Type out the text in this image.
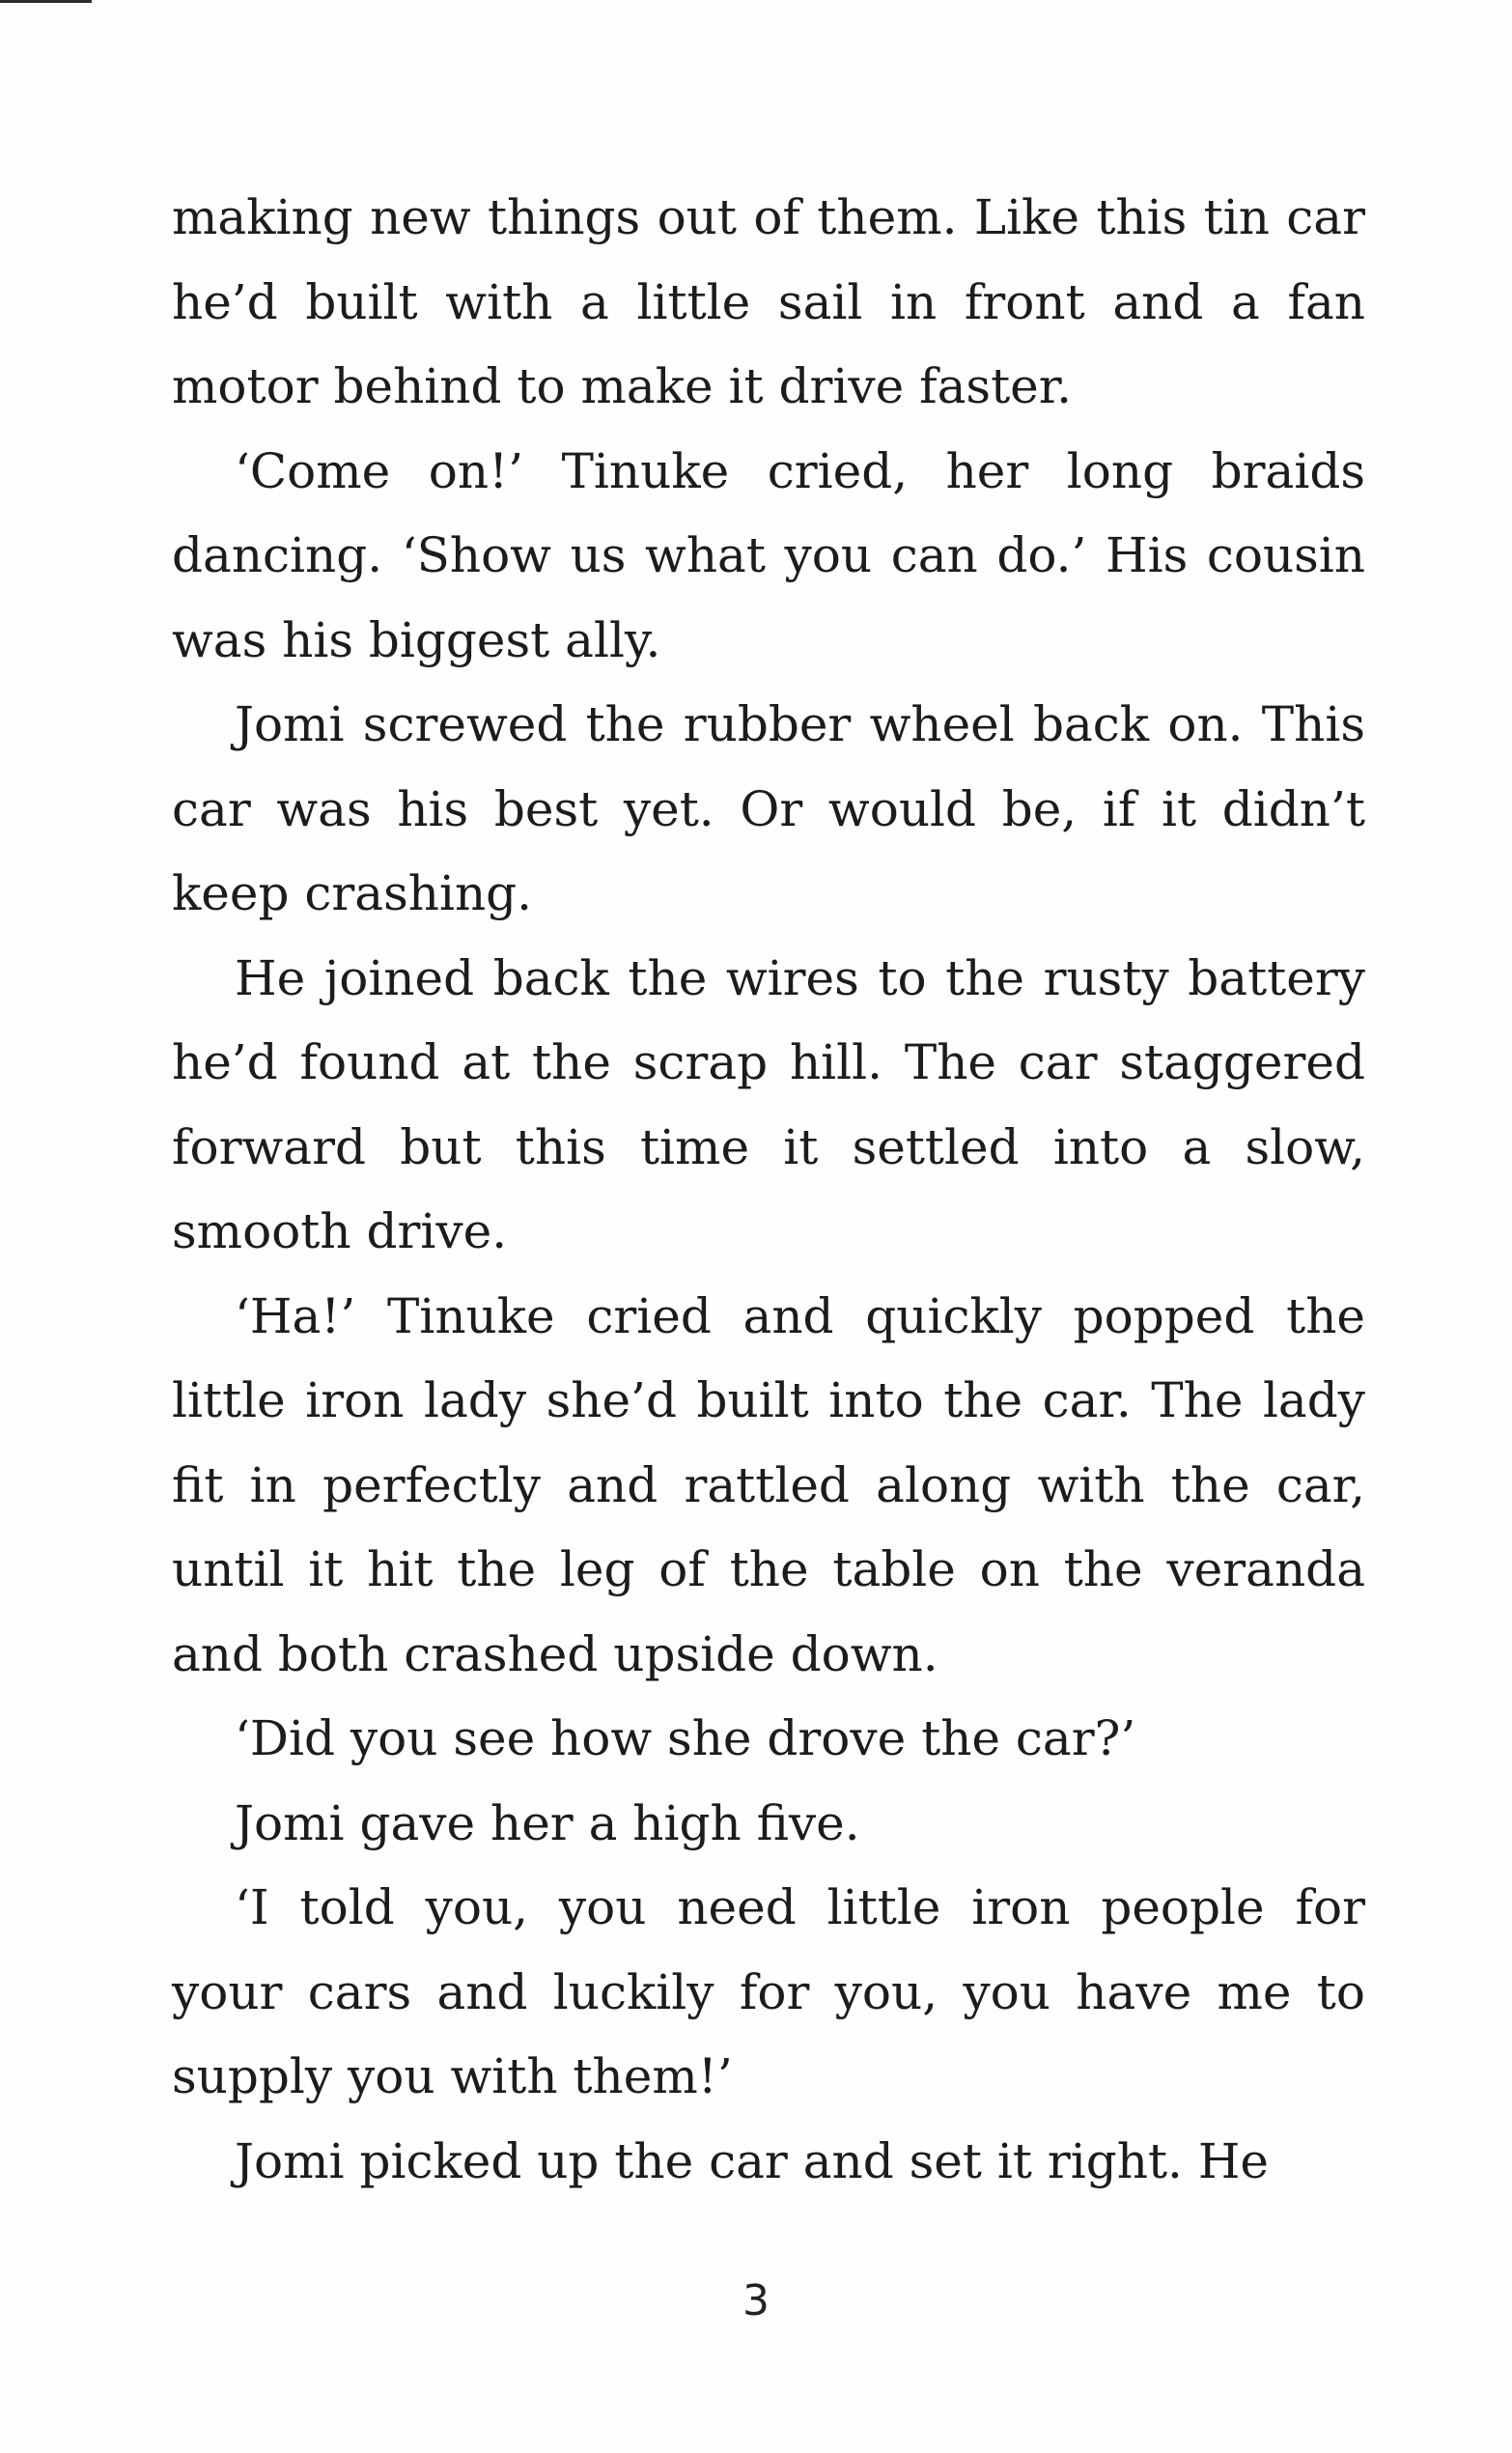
making new things out of them. Like this tin car he’d built with a little sail in front and a fan motor behind to make it drive faster.

‘Come on!’ Tinuke cried, her long braids dancing. ‘Show us what you can do.’ His cousin was his biggest ally.

Jomi screwed the rubber wheel back on. This car was his best yet. Or would be, if it didn’t keep crashing.

He joined back the wires to the rusty battery he’d found at the scrap hill. The car staggered forward but this time it settled into a slow, smooth drive.

‘Ha!’ Tinuke cried and quickly popped the little iron lady she’d built into the car. The lady fit in perfectly and rattled along with the car, until it hit the leg of the table on the veranda and both crashed upside down.

‘Did you see how she drove the car?’

Jomi gave her a high five.

‘I told you, you need little iron people for your cars and luckily for you, you have me to supply you with them!’

Jomi picked up the car and set it right. He

3
